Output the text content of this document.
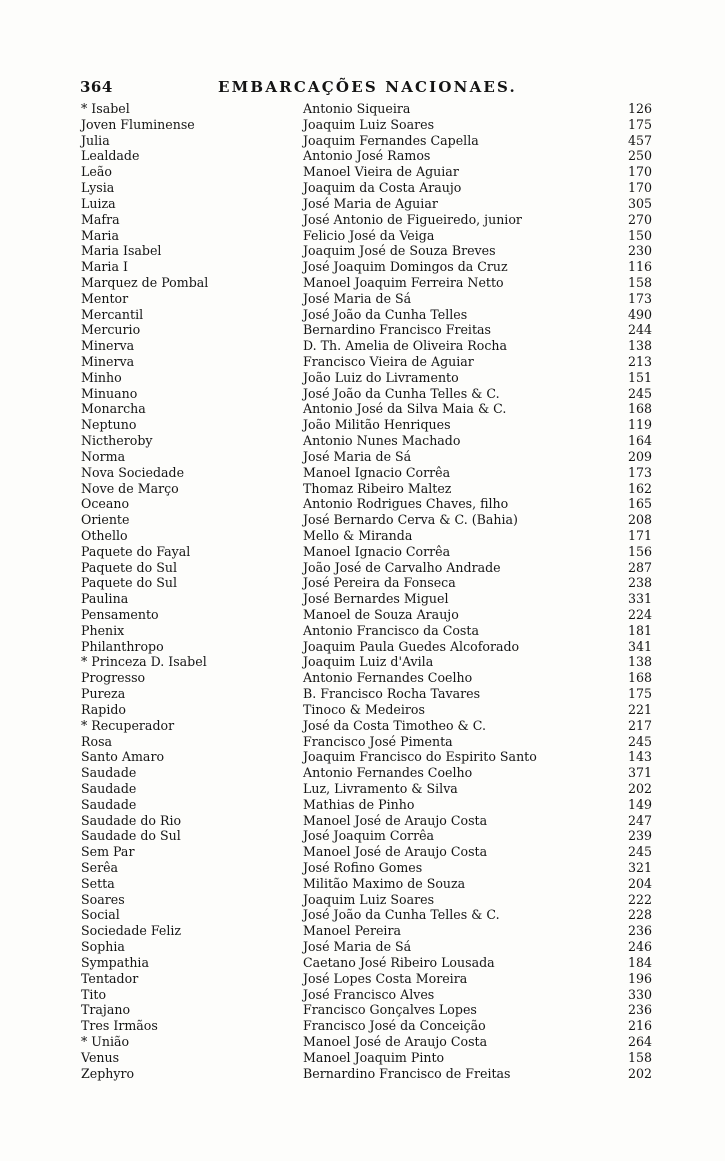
364	EMBARCAÇÕES NACIONAES.
* Isabel	Antonio Siqueira	126
Joven Fluminense	Joaquim Luiz Soares	175
Julia	Joaquim Fernandes Capella	457
Lealdade	Antonio José Ramos	250
Leão	Manoel Vieira de Aguiar	170
Lysia	Joaquim da Costa Araujo	170
Luiza	José Maria de Aguiar	305
Mafra	José Antonio de Figueiredo, junior	270
Maria	Felicio José da Veiga	150
Maria Isabel	Joaquim José de Souza Breves	230
Maria I	José Joaquim Domingos da Cruz	116
Marquez de Pombal	Manoel Joaquim Ferreira Netto	158
Mentor	José Maria de Sá	173
Mercantil	José João da Cunha Telles	490
Mercurio	Bernardino Francisco Freitas	244
Minerva	D. Th. Amelia de Oliveira Rocha	138
Minerva	Francisco Vieira de Aguiar	213
Minho	João Luiz do Livramento	151
Minuano	José João da Cunha Telles & C.	245
Monarcha	Antonio José da Silva Maia & C.	168
Neptuno	João Militão Henriques	119
Nictheroby	Antonio Nunes Machado	164
Norma	José Maria de Sá	209
Nova Sociedade	Manoel Ignacio Corrêa	173
Nove de Março	Thomaz Ribeiro Maltez	162
Oceano	Antonio Rodrigues Chaves, filho	165
Oriente	José Bernardo Cerva & C. (Bahia)	208
Othello	Mello & Miranda	171
Paquete do Fayal	Manoel Ignacio Corrêa	156
Paquete do Sul	João José de Carvalho Andrade	287
Paquete do Sul	José Pereira da Fonseca	238
Paulina	José Bernardes Miguel	331
Pensamento	Manoel de Souza Araujo	224
Phenix	Antonio Francisco da Costa	181
Philanthropo	Joaquim Paula Guedes Alcoforado	341
* Princeza D. Isabel	Joaquim Luiz d'Avila	138
Progresso	Antonio Fernandes Coelho	168
Pureza	B. Francisco Rocha Tavares	175
Rapido	Tinoco & Medeiros	221
* Recuperador	José da Costa Timotheo & C.	217
Rosa	Francisco José Pimenta	245
Santo Amaro	Joaquim Francisco do Espirito Santo	143
Saudade	Antonio Fernandes Coelho	371
Saudade	Luz, Livramento & Silva	202
Saudade	Mathias de Pinho	149
Saudade do Rio	Manoel José de Araujo Costa	247
Saudade do Sul	José Joaquim Corrêa	239
Sem Par	Manoel José de Araujo Costa	245
Serêa	José Rofino Gomes	321
Setta	Militão Maximo de Souza	204
Soares	Joaquim Luiz Soares	222
Social	José João da Cunha Telles & C.	228
Sociedade Feliz	Manoel Pereira	236
Sophia	José Maria de Sá	246
Sympathia	Caetano José Ribeiro Lousada	184
Tentador	José Lopes Costa Moreira	196
Tito	José Francisco Alves	330
Trajano	Francisco Gonçalves Lopes	236
Tres Irmãos	Francisco José da Conceição	216
* União	Manoel José de Araujo Costa	264
Venus	Manoel Joaquim Pinto	158
Zephyro	Bernardino Francisco de Freitas	202
